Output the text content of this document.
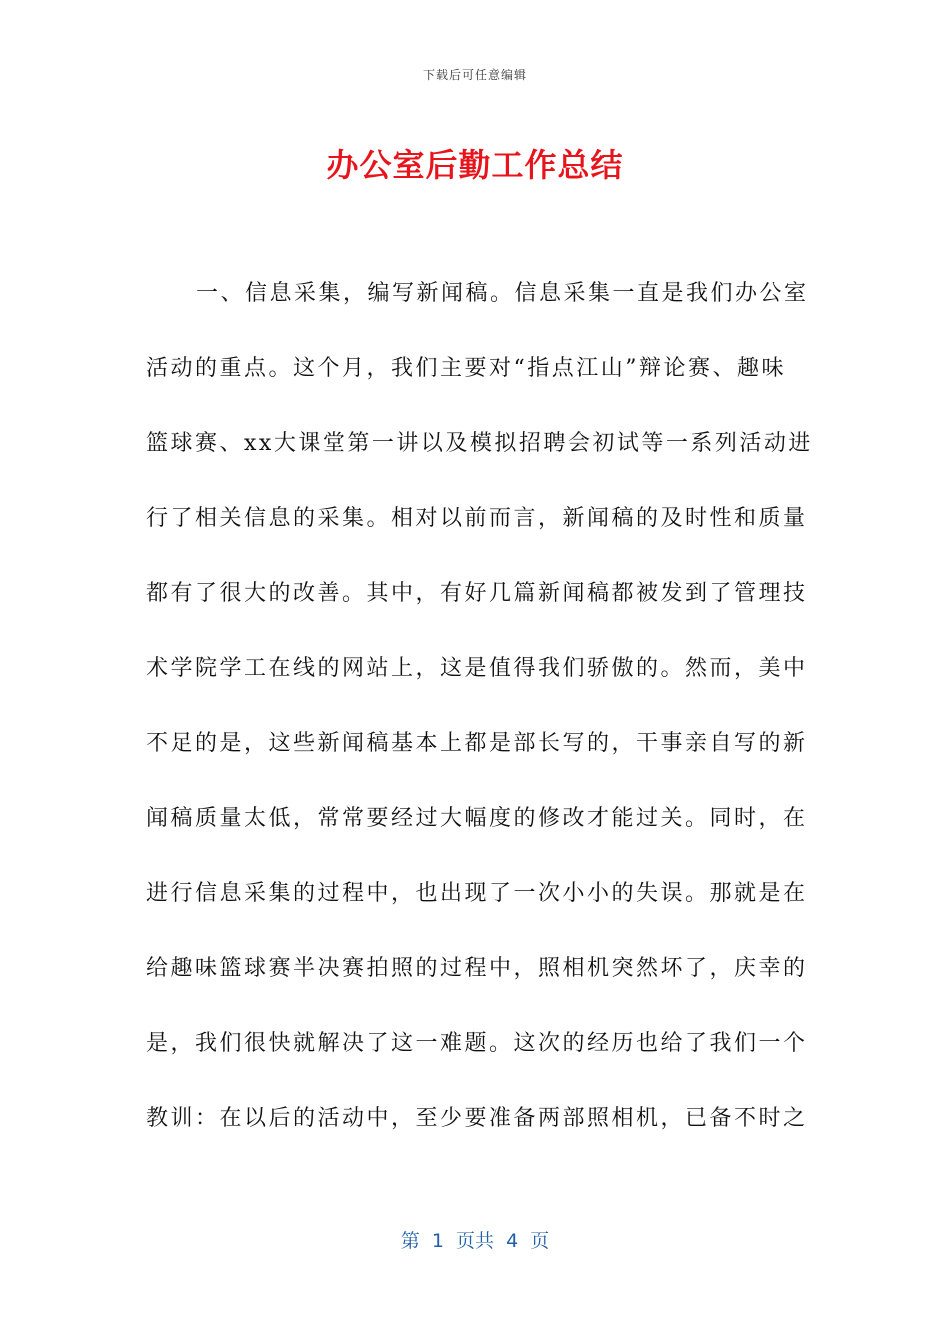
下载后可任意编辑
办公室后勤工作总结
一、信息采集，编写新闻稿。信息采集一直是我们办公室
活动的重点。这个月，我们主要对“指点江山”辩论赛、趣味
篮球赛、xx大课堂第一讲以及模拟招聘会初试等一系列活动进
行了相关信息的采集。相对以前而言，新闻稿的及时性和质量
都有了很大的改善。其中，有好几篇新闻稿都被发到了管理技
术学院学工在线的网站上，这是值得我们骄傲的。然而，美中
不足的是，这些新闻稿基本上都是部长写的，干事亲自写的新
闻稿质量太低，常常要经过大幅度的修改才能过关。同时，在
进行信息采集的过程中，也出现了一次小小的失误。那就是在
给趣味篮球赛半决赛拍照的过程中，照相机突然坏了，庆幸的
是，我们很快就解决了这一难题。这次的经历也给了我们一个
教训：在以后的活动中，至少要准备两部照相机，已备不时之
第  1  页共  4  页
